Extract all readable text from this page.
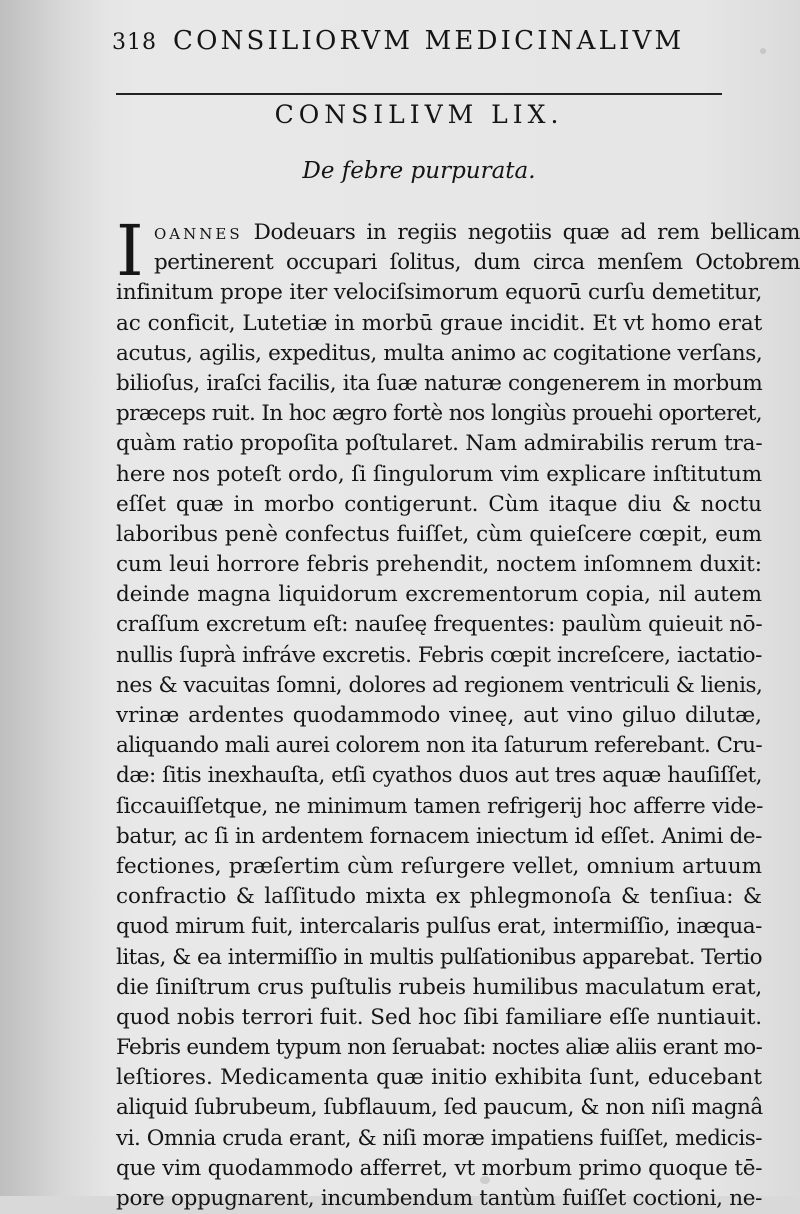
318 CONSILIORVM MEDICINALIVM
CONSILIVM LIX.
De febre purpurata.
I OANNES Dodeuars in regiis negotiis quæ ad rem bellicam
pertinerent occupari ſolitus, dum circa menſem Octobrem
infinitum prope iter velociſsimorum equorū curſu demetitur,
ac conficit, Lutetiæ in morbū graue incidit. Et vt homo erat
acutus, agilis, expeditus, multa animo ac cogitatione verſans,
bilioſus, iraſci facilis, ita ſuæ naturæ congenerem in morbum
præceps ruit. In hoc ægro fortè nos longiùs prouehi oporteret,
quàm ratio propoſita poſtularet. Nam admirabilis rerum tra-
here nos poteſt ordo, ſi ſingulorum vim explicare inſtitutum
eſſet quæ in morbo contigerunt. Cùm itaque diu & noctu
laboribus penè confectus fuiſſet, cùm quieſcere cœpit, eum
cum leui horrore febris prehendit, noctem inſomnem duxit:
deinde magna liquidorum excrementorum copia, nil autem
craſſum excretum eſt: nauſeę frequentes: paulùm quieuit nō-
nullis ſuprà infráve excretis. Febris cœpit increſcere, iactatio-
nes & vacuitas ſomni, dolores ad regionem ventriculi & lienis,
vrinæ ardentes quodammodo vineę, aut vino giluo dilutæ,
aliquando mali aurei colorem non ita ſaturum referebant. Cru-
dæ: ſitis inexhauſta, etſi cyathos duos aut tres aquæ hauſiſſet,
ſiccauiſſetque, ne minimum tamen refrigerij hoc afferre vide-
batur, ac ſi in ardentem fornacem iniectum id eſſet. Animi de-
fectiones, præſertim cùm reſurgere vellet, omnium artuum
confractio & laſſitudo mixta ex phlegmonoſa & tenſiua: &
quod mirum fuit, intercalaris pulſus erat, intermiſſio, inæqua-
litas, & ea intermiſſio in multis pulſationibus apparebat. Tertio
die ſiniſtrum crus puſtulis rubeis humilibus maculatum erat,
quod nobis terrori fuit. Sed hoc ſibi familiare eſſe nuntiauit.
Febris eundem typum non ſeruabat: noctes aliæ aliis erant mo-
leſtiores. Medicamenta quæ initio exhibita ſunt, educebant
aliquid ſubrubeum, ſubflauum, ſed paucum, & non niſi magnâ
vi. Omnia cruda erant, & niſi moræ impatiens fuiſſet, medicis-
que vim quodammodo afferret, vt morbum primo quoque tē-
pore oppugnarent, incumbendum tantùm fuiſſet coctioni, ne-
